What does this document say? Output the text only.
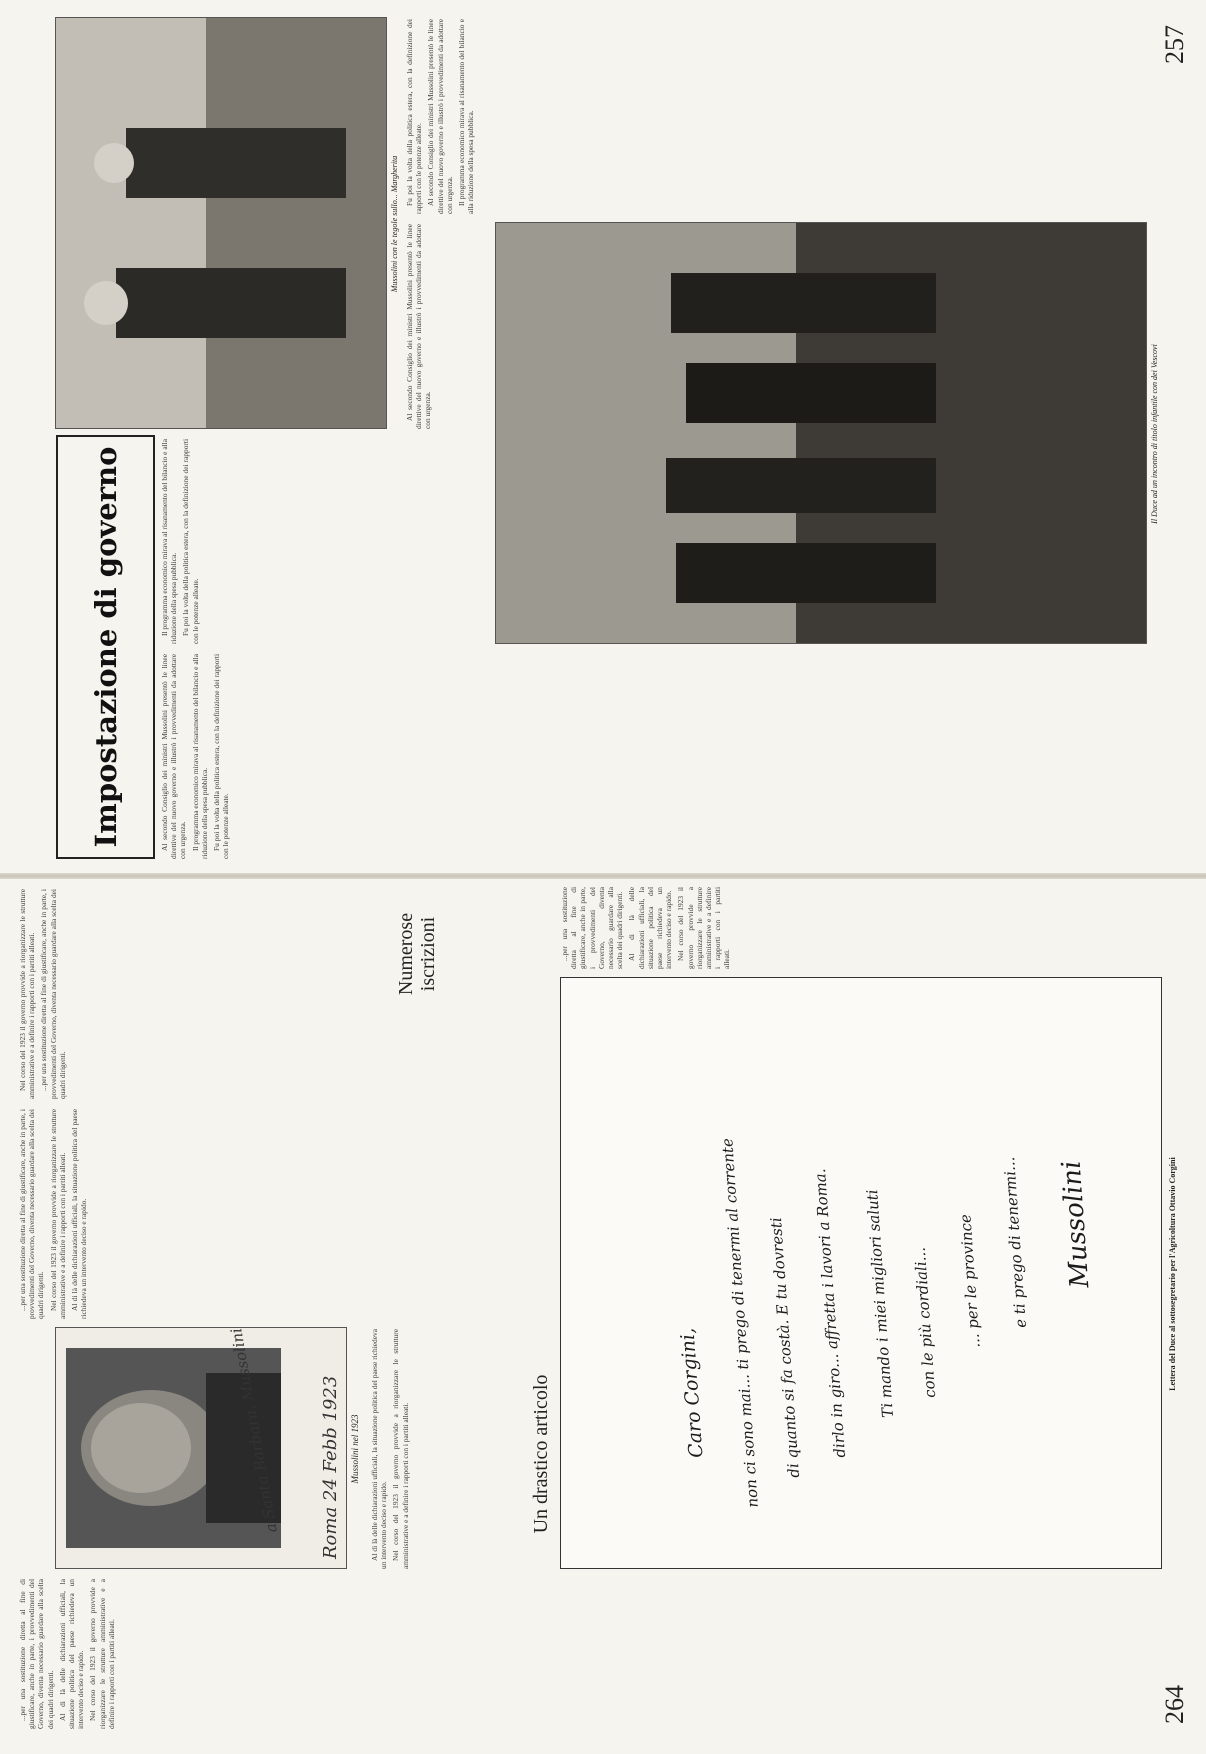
264
257

...per una sostituzione diretta al fine di giustificare, anche in parte, i provvedimenti del Governo, diventa necessario guardare alla scelta dei quadri dirigenti. Al di là delle dichiarazioni ufficiali, la situazione politica del paese richiedeva un intervento deciso e rapido. Nel corso del 1923 il governo provvide a riorganizzare le strutture amministrative e a definire i rapporti con i partiti alleati.

Al di là delle dichiarazioni ufficiali, la situazione politica del paese richiedeva un intervento deciso e rapido. Nel corso del 1923 il governo provvide a riorganizzare le strutture amministrative e a definire i rapporti con i partiti alleati.

Roma 24 Febb 1923
a Santa Barbara. Mussolini	Mussolini nel 1923	Un drastico articolo

...per una sostituzione diretta al fine di giustificare, anche in parte, i provvedimenti del Governo, diventa necessario guardare alla scelta dei quadri dirigenti. Nel corso del 1923 il governo provvide a riorganizzare le strutture amministrative e a definire i rapporti con i partiti alleati. Al di là delle dichiarazioni ufficiali, la situazione politica del paese richiedeva un intervento deciso e rapido.

Nel corso del 1923 il governo provvide a riorganizzare le strutture amministrative e a definire i rapporti con i partiti alleati. ...per una sostituzione diretta al fine di giustificare, anche in parte, i provvedimenti del Governo, diventa necessario guardare alla scelta dei quadri dirigenti.

Numerose iscrizioni
Caro Corgini, non ci sono mai... ti prego di tenermi al corrente di quanto si fa costà. E tu dovresti dirlo in giro... affretta i lavori a Roma. Ti mando i miei migliori saluti con le più cordiali... ... per le province e ti prego di tenermi... Mussolini	Lettera del Duce al sottosegretario per l'Agricoltura Ottavio Corgini

...per una sostituzione diretta al fine di giustificare, anche in parte, i provvedimenti del Governo, diventa necessario guardare alla scelta dei quadri dirigenti. Al di là delle dichiarazioni ufficiali, la situazione politica del paese richiedeva un intervento deciso e rapido. Nel corso del 1923 il governo provvide a riorganizzare le strutture amministrative e a definire i rapporti con i partiti alleati.

Impostazione di governo	Al secondo Consiglio dei ministri Mussolini presentò le linee direttive del nuovo governo e illustrò i provvedimenti da adottare con urgenza. Il programma economico mirava al risanamento del bilancio e alla riduzione della spesa pubblica. Fu poi la volta della politica estera, con la definizione dei rapporti con le potenze alleate.

Il programma economico mirava al risanamento del bilancio e alla riduzione della spesa pubblica. Fu poi la volta della politica estera, con la definizione dei rapporti con le potenze alleate.

Il Duce ad un incontro di titolo infantile con dei Vescovi
Mussolini con le tegole sullo... Margherita

Fu poi la volta della politica estera, con la definizione dei rapporti con le potenze alleate. Al secondo Consiglio dei ministri Mussolini presentò le linee direttive del nuovo governo e illustrò i provvedimenti da adottare con urgenza. Il programma economico mirava al risanamento del bilancio e alla riduzione della spesa pubblica.

Al secondo Consiglio dei ministri Mussolini presentò le linee direttive del nuovo governo e illustrò i provvedimenti da adottare con urgenza.
